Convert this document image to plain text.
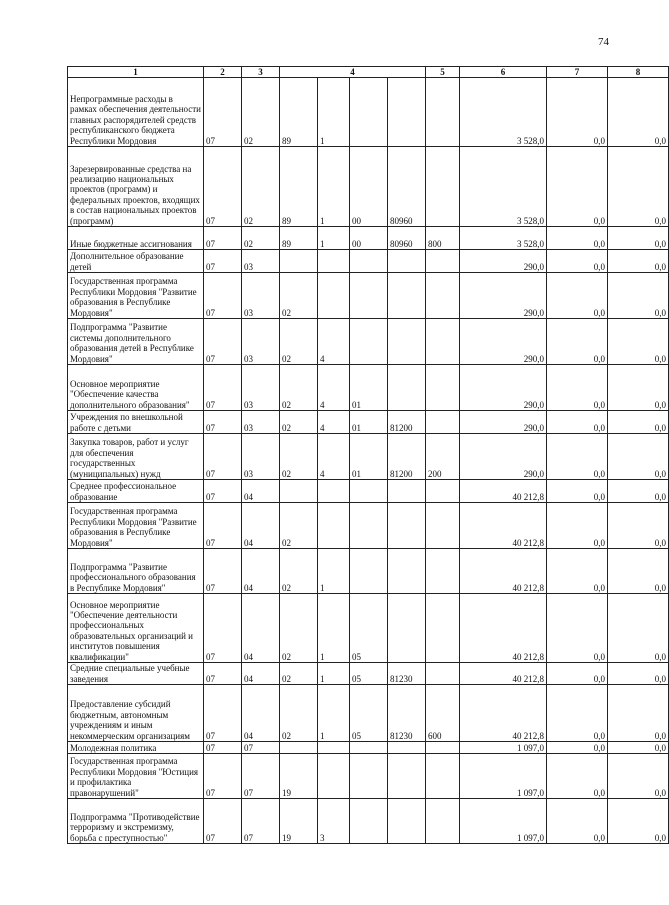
74
1	2	3	4				5	6	7	8
Непрограммные расходы в рамках обеспечения деятельности главных распорядителей средств республиканского бюджета Республики Мордовия	07	02	89	1				3 528,0	0,0	0,0
Зарезервированные средства на реализацию национальных проектов (программ) и федеральных проектов, входящих в состав национальных проектов (программ)	07	02	89	1	00	80960		3 528,0	0,0	0,0
Иные бюджетные ассигнования	07	02	89	1	00	80960	800	3 528,0	0,0	0,0
Дополнительное образование детей	07	03						290,0	0,0	0,0
Государственная программа Республики Мордовия "Развитие образования в Республике Мордовия"	07	03	02					290,0	0,0	0,0
Подпрограмма "Развитие системы дополнительного образования детей в Республике Мордовия"	07	03	02	4				290,0	0,0	0,0
Основное мероприятие "Обеспечение качества дополнительного образования"	07	03	02	4	01			290,0	0,0	0,0
Учреждения по внешкольной работе с детьми	07	03	02	4	01	81200		290,0	0,0	0,0
Закупка товаров, работ и услуг для обеспечения государственных (муниципальных) нужд	07	03	02	4	01	81200	200	290,0	0,0	0,0
Среднее профессиональное образование	07	04						40 212,8	0,0	0,0
Государственная программа Республики Мордовия "Развитие образования в Республике Мордовия"	07	04	02					40 212,8	0,0	0,0
Подпрограмма "Развитие профессионального образования в Республике Мордовия"	07	04	02	1				40 212,8	0,0	0,0
Основное мероприятие "Обеспечение деятельности профессиональных образовательных организаций и институтов повышения квалификации"	07	04	02	1	05			40 212,8	0,0	0,0
Средние специальные учебные заведения	07	04	02	1	05	81230		40 212,8	0,0	0,0
Предоставление субсидий бюджетным, автономным учреждениям и иным некоммерческим организациям	07	04	02	1	05	81230	600	40 212,8	0,0	0,0
Молодежная политика	07	07						1 097,0	0,0	0,0
Государственная программа Республики Мордовия "Юстиция и профилактика правонарушений"	07	07	19					1 097,0	0,0	0,0
Подпрограмма "Противодействие терроризму и экстремизму, борьба с преступностью"	07	07	19	3				1 097,0	0,0	0,0
